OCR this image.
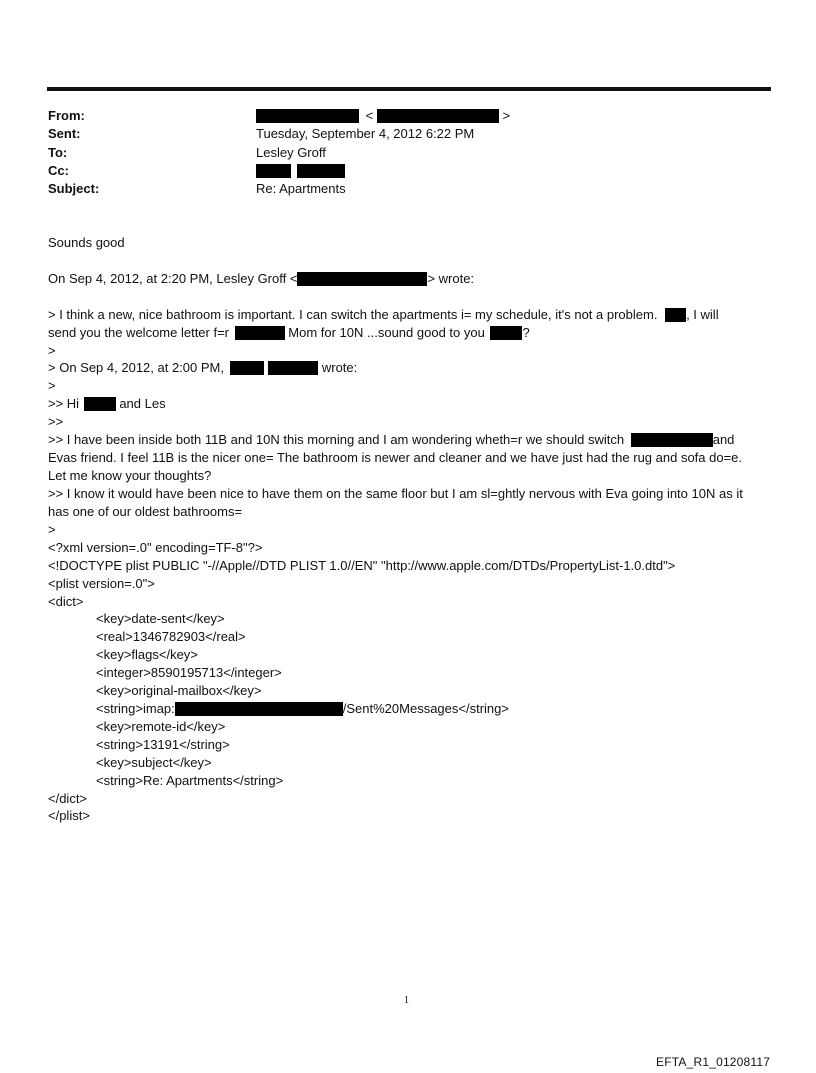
From:	<	>
Sent:	Tuesday, September 4, 2012 6:22 PM
To:	Lesley Groff
Cc:

Subject:	Re: Apartments
Sounds good
On Sep 4, 2012, at 2:20 PM, Lesley Groff <	> wrote:
> I think a new, nice bathroom is important. I can switch the apartments i= my schedule, it's not a problem. , I will
send you the welcome letter f=r	Mom for 10N ...sound good to you	?
>
> On Sep 4, 2012, at 2:00 PM,	wrote:
>
>> Hi	and Les
>>
>> I have been inside both 11B and 10N this morning and I am wondering wheth=r we should switch	and
Evas friend. I feel 11B is the nicer one= The bathroom is newer and cleaner and we have just had the rug and sofa do=e.
Let me know your thoughts?
>> I know it would have been nice to have them on the same floor but I am sl=ghtly nervous with Eva going into 10N as it
has one of our oldest bathrooms=
>
<?xml version=.0" encoding=TF-8"?>
<!DOCTYPE plist PUBLIC "-//Apple//DTD PLIST 1.0//EN" "http://www.apple.com/DTDs/PropertyList-1.0.dtd">
<plist version=.0">
<dict>
<key>date-sent</key>
<real>1346782903</real>
<key>flags</key>
<integer>8590195713</integer>
<key>original-mailbox</key>
<string>imap:	/Sent%20Messages</string>
<key>remote-id</key>
<string>13191</string>
<key>subject</key>
<string>Re: Apartments</string>
</dict>
</plist>
1
EFTA_R1_01208117
